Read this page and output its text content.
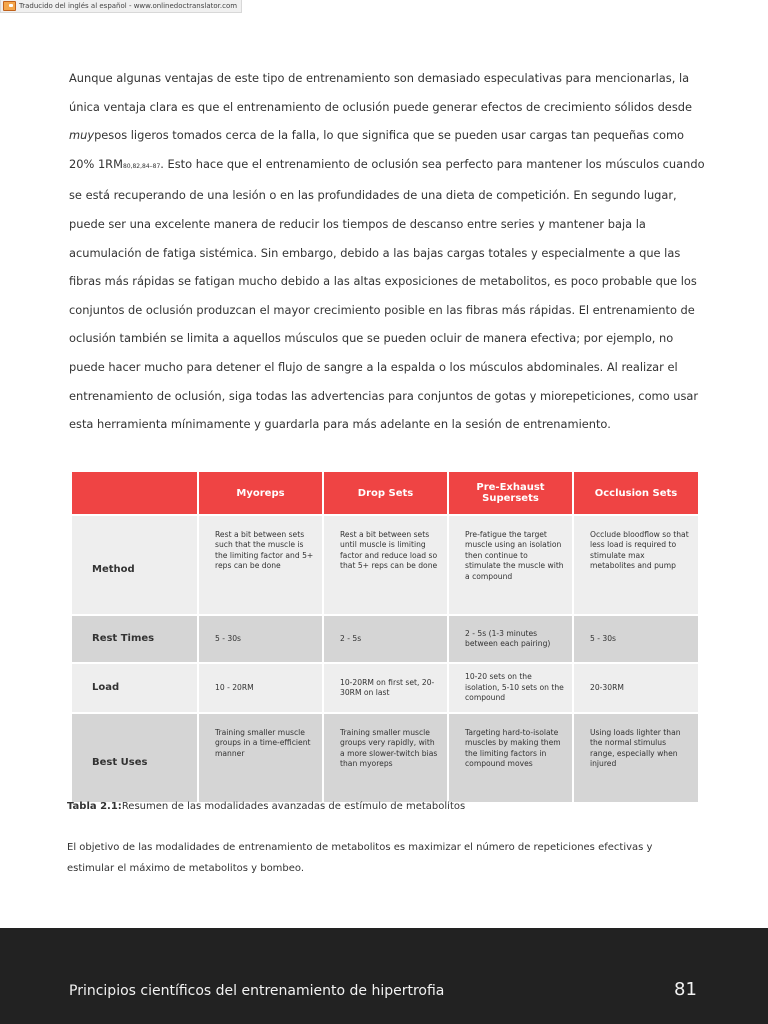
Traducido del inglés al español - www.onlinedoctranslator.com
Aunque algunas ventajas de este tipo de entrenamiento son demasiado especulativas para mencionarlas, la única ventaja clara es que el entrenamiento de oclusión puede generar efectos de crecimiento sólidos desde muypesos ligeros tomados cerca de la falla, lo que significa que se pueden usar cargas tan pequeñas como 20% 1RM80,82,84–87. Esto hace que el entrenamiento de oclusión sea perfecto para mantener los músculos cuando se está recuperando de una lesión o en las profundidades de una dieta de competición. En segundo lugar, puede ser una excelente manera de reducir los tiempos de descanso entre series y mantener baja la acumulación de fatiga sistémica. Sin embargo, debido a las bajas cargas totales y especialmente a que las fibras más rápidas se fatigan mucho debido a las altas exposiciones de metabolitos, es poco probable que los conjuntos de oclusión produzcan el mayor crecimiento posible en las fibras más rápidas. El entrenamiento de oclusión también se limita a aquellos músculos que se pueden ocluir de manera efectiva; por ejemplo, no puede hacer mucho para detener el flujo de sangre a la espalda o los músculos abdominales. Al realizar el entrenamiento de oclusión, siga todas las advertencias para conjuntos de gotas y miorepeticiones, como usar esta herramienta mínimamente y guardarla para más adelante en la sesión de entrenamiento.
	Myoreps	Drop Sets	Pre-Exhaust Supersets	Occlusion Sets
Method	Rest a bit between sets such that the muscle is the limiting factor and 5+ reps can be done	Rest a bit between sets until muscle is limiting factor and reduce load so that 5+ reps can be done	Pre-fatigue the target muscle using an isolation then continue to stimulate the muscle with a compound	Occlude bloodflow so that less load is required to stimulate max metabolites and pump
Rest Times	5 - 30s	2 - 5s	2 - 5s (1-3 minutes between each pairing)	5 - 30s
Load	10 - 20RM	10-20RM on first set, 20-30RM on last	10-20 sets on the isolation, 5-10 sets on the compound	20-30RM
Best Uses	Training smaller muscle groups in a time-efficient manner	Training smaller muscle groups very rapidly, with a more slower-twitch bias than myoreps	Targeting hard-to-isolate muscles by making them the limiting factors in compound moves	Using loads lighter than the normal stimulus range, especially when injured
Tabla 2.1:Resumen de las modalidades avanzadas de estímulo de metabolitos
El objetivo de las modalidades de entrenamiento de metabolitos es maximizar el número de repeticiones efectivas y estimular el máximo de metabolitos y bombeo.
Principios científicos del entrenamiento de hipertrofia	81
